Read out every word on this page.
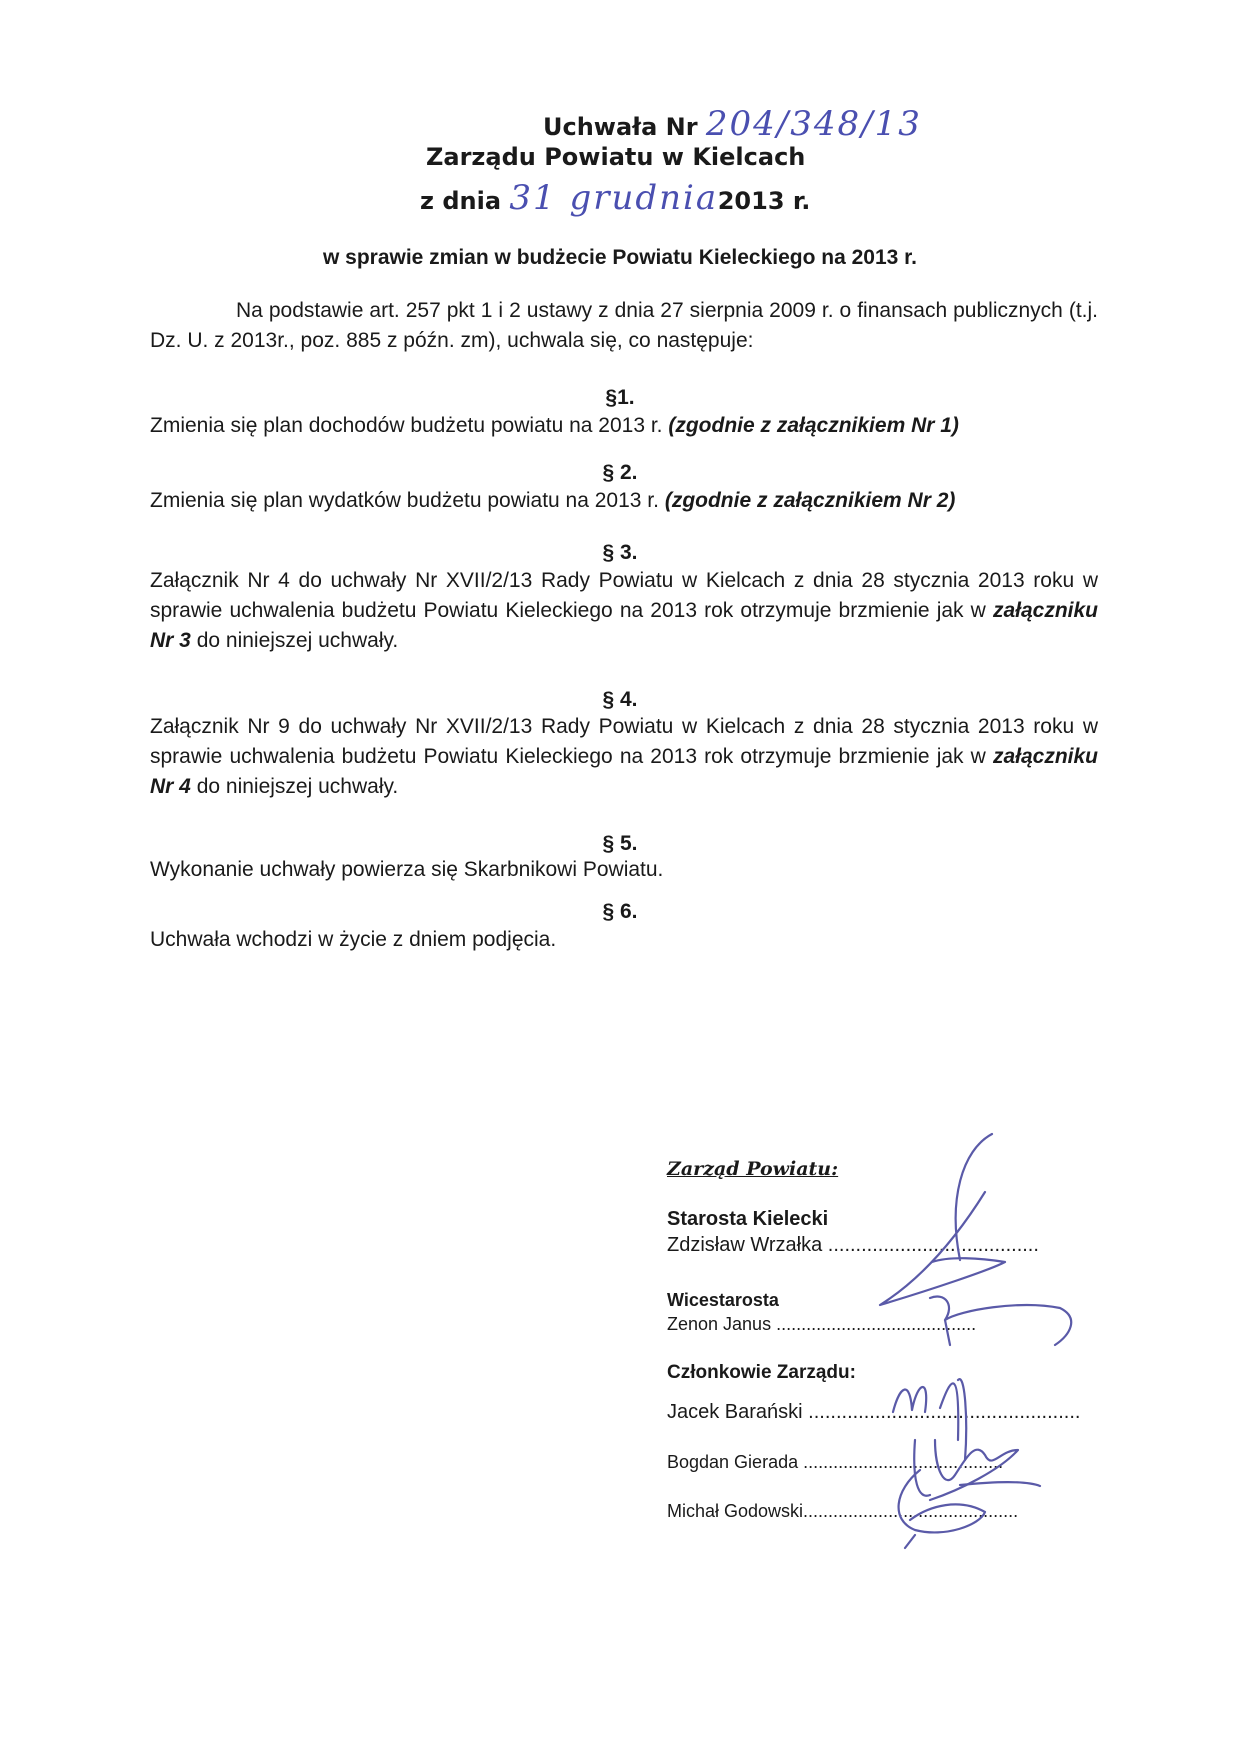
Uchwała Nr 204/348/13
Zarządu Powiatu w Kielcach
z dnia 31 grudnia 2013 r.
w sprawie zmian w budżecie Powiatu Kieleckiego na 2013 r.
Na podstawie art. 257 pkt 1 i 2 ustawy z dnia 27 sierpnia 2009 r. o finansach publicznych (t.j. Dz. U. z 2013r., poz. 885 z późn. zm), uchwala się, co następuje:
§1.
Zmienia się plan dochodów budżetu powiatu na 2013 r. (zgodnie z załącznikiem Nr 1)
§ 2.
Zmienia się plan wydatków budżetu powiatu na 2013 r. (zgodnie z załącznikiem Nr 2)
§ 3.
Załącznik Nr 4 do uchwały Nr XVII/2/13 Rady Powiatu w Kielcach z dnia 28 stycznia 2013 roku w sprawie uchwalenia budżetu Powiatu Kieleckiego na 2013 rok otrzymuje brzmienie jak w załączniku Nr 3 do niniejszej uchwały.
§ 4.
Załącznik Nr 9 do uchwały Nr XVII/2/13 Rady Powiatu w Kielcach z dnia 28 stycznia 2013 roku w sprawie uchwalenia budżetu Powiatu Kieleckiego na 2013 rok otrzymuje brzmienie jak w załączniku Nr 4 do niniejszej uchwały.
§ 5.
Wykonanie uchwały powierza się Skarbnikowi Powiatu.
§ 6.
Uchwała wchodzi w życie z dniem podjęcia.
Zarząd Powiatu:
Starosta Kielecki
Zdzisław Wrzałka ......................................
Wicestarosta
Zenon Janus ........................................
Członkowie Zarządu:
Jacek Barański .................................................
Bogdan Gierada ........................................
Michał Godowski...........................................
